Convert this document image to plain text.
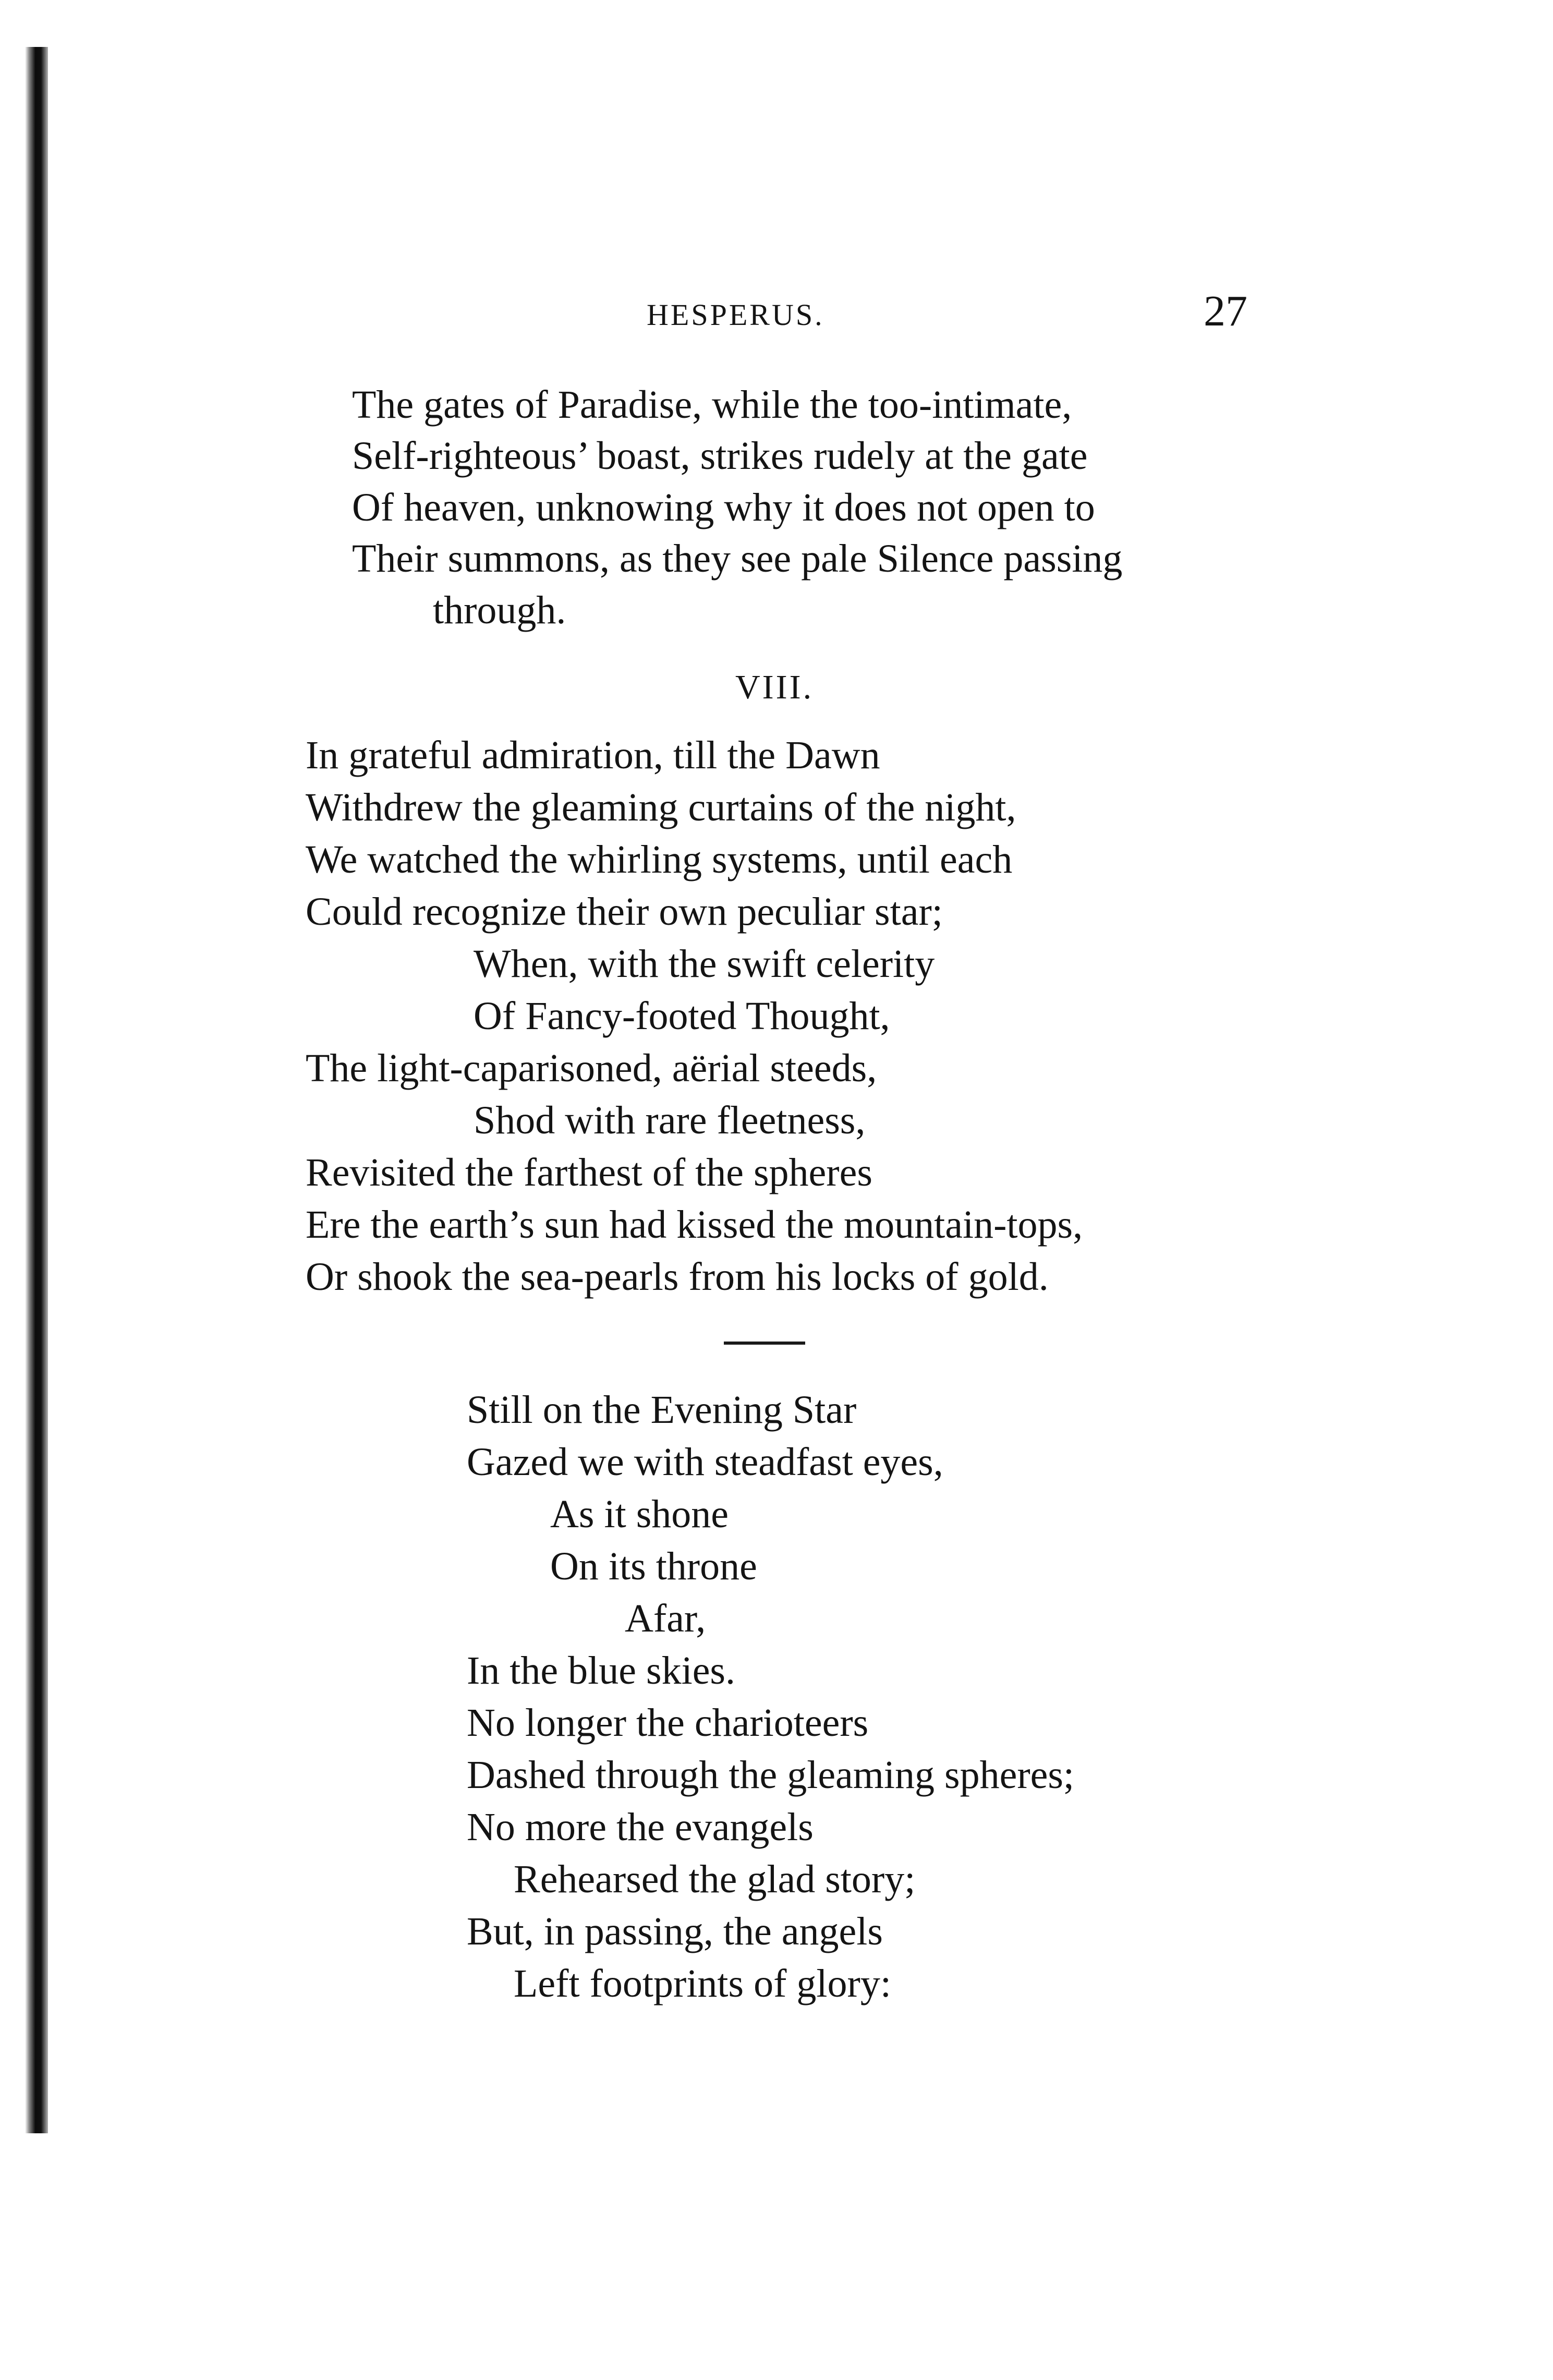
HESPERUS.	27
The gates of Paradise, while the too-intimate,
Self-righteous’ boast, strikes rudely at the gate
Of heaven, unknowing why it does not open to
Their summons, as they see pale Silence passing
through.
VIII.
In grateful admiration, till the Dawn
Withdrew the gleaming curtains of the night,
We watched the whirling systems, until each
Could recognize their own peculiar star;
When, with the swift celerity
Of Fancy-footed Thought,
The light-caparisoned, aërial steeds,
Shod with rare fleetness,
Revisited the farthest of the spheres
Ere the earth’s sun had kissed the mountain-tops,
Or shook the sea-pearls from his locks of gold.
Still on the Evening Star
Gazed we with steadfast eyes,
As it shone
On its throne
Afar,
In the blue skies.
No longer the charioteers
Dashed through the gleaming spheres;
No more the evangels
Rehearsed the glad story;
But, in passing, the angels
Left footprints of glory:
